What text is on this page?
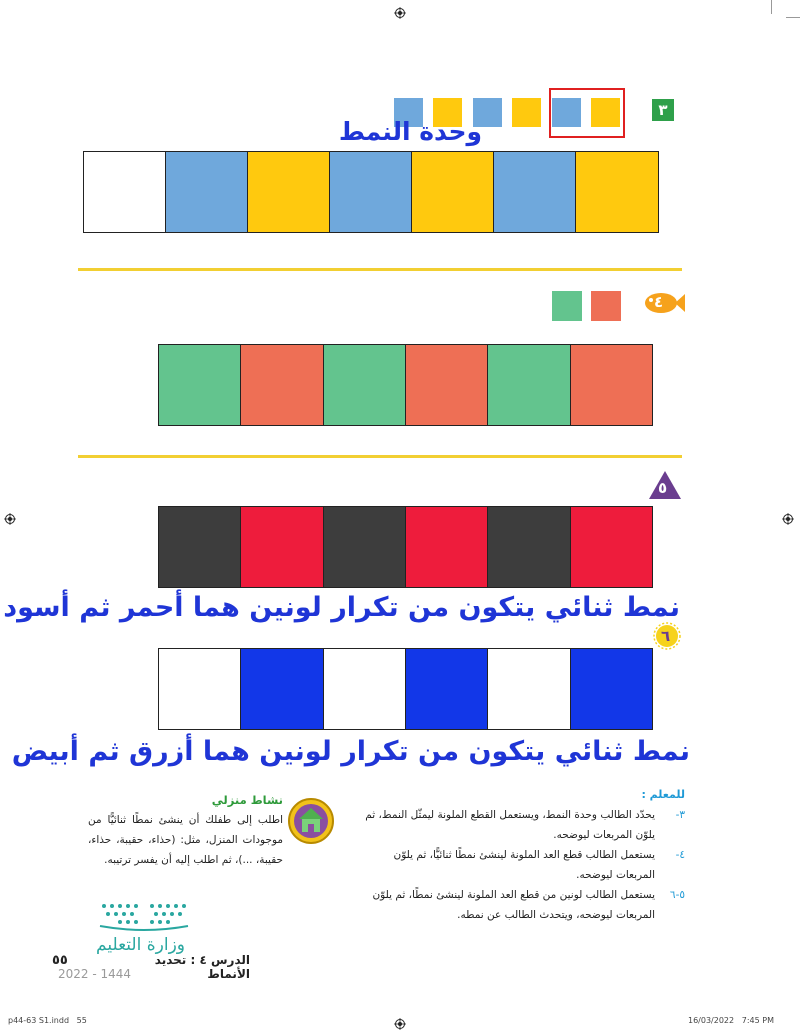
٣
وحدة النمط
٤
٥
نمط ثنائي يتكون من تكرار لونين هما أحمر ثم أسود
٦
نمط ثنائي يتكون من تكرار لونين هما أزرق ثم أبيض
للمعلم :
٣-
يحدّد الطالب وحدة النمط، ويستعمل القطع الملونة ليمثّل النمط، ثم يلوّن المربعات ليوضحه.
٤-
يستعمل الطالب قطع العد الملونة لينشئ نمطًا ثنائيًّا، ثم يلوّن المربعات ليوضحه.
٥-٦
يستعمل الطالب لونين من قطع العد الملونة لينشئ نمطًا، ثم يلوّن المربعات ليوضحه، ويتحدث الطالب عن نمطه.
نشاط منزلي
اطلب إلى طفلك أن ينشئ نمطًا ثنائيًّا من موجودات المنزل، مثل: (حذاء، حقيبة، حذاء، حقيبة، ...)، ثم اطلب إليه أن يفسر ترتيبه.
وزارة التعليم
2022 - 1444
الدرس ٤ : تحديد الأنماط
٥٥
p44-63 S1.indd   55	16/03/2022   7:45 PM
